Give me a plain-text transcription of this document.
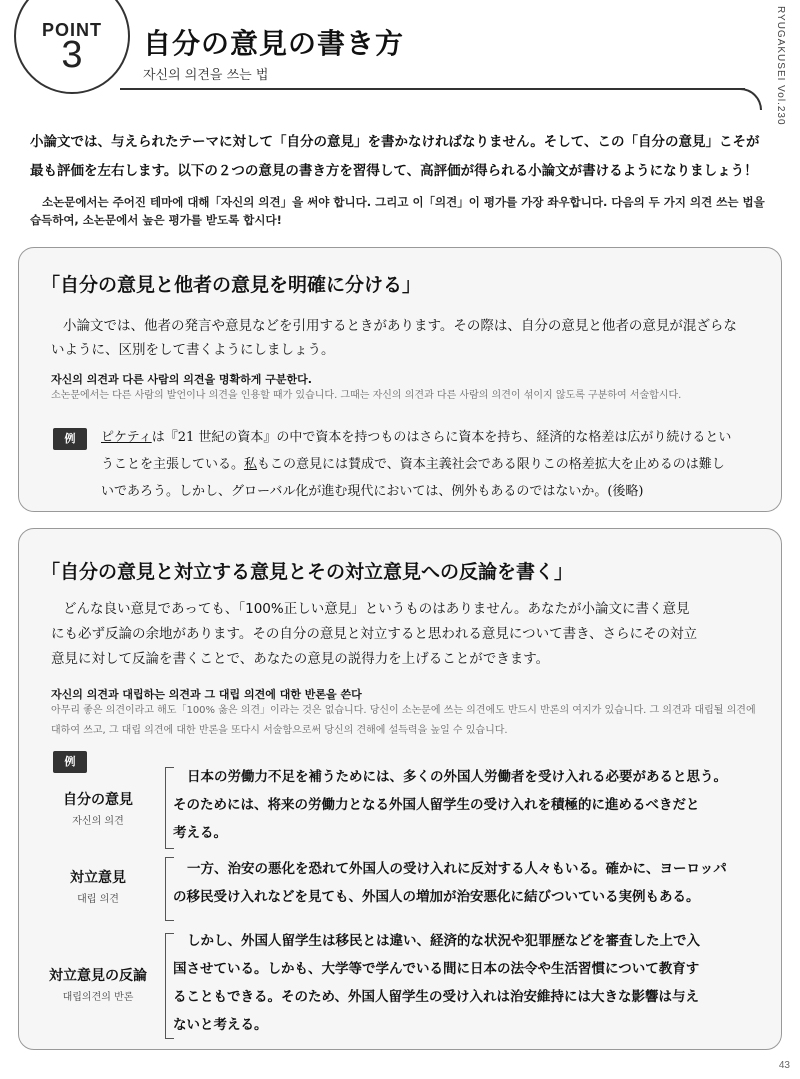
POINT
3	自分の意見の書き方
자신의 의견을 쓰는 법	RYUGAKUSEI Vol.230
小論文では、与えられたテーマに対して「自分の意見」を書かなければなりません。そして、この「自分の意見」こそが
最も評価を左右します。以下の２つの意見の書き方を習得して、高評価が得られる小論文が書けるようになりましょう！
소논문에서는 주어진 테마에 대해「자신의 의견」을 써야 합니다. 그리고 이「의견」이 평가를 가장 좌우합니다. 다음의 두 가지 의견 쓰는 법을 습득하여, 소논문에서 높은 평가를 받도록 합시다!
「自分の意見と他者の意見を明確に分ける」
小論文では、他者の発言や意見などを引用するときがあります。その際は、自分の意見と他者の意見が混ざらな
いように、区別をして書くようにしましょう。
자신의 의견과 다른 사람의 의견을 명확하게 구분한다.
소논문에서는 다른 사람의 발언이나 의견을 인용할 때가 있습니다. 그때는 자신의 의견과 다른 사람의 의견이 섞이지 않도록 구분하여 서술합시다.
例	ピケティは『21 世紀の資本』の中で資本を持つものはさらに資本を持ち、経済的な格差は広がり続けるとい
うことを主張している。私もこの意見には賛成で、資本主義社会である限りこの格差拡大を止めるのは難し
いであろう。しかし、グローバル化が進む現代においては、例外もあるのではないか。(後略)
「自分の意見と対立する意見とその対立意見への反論を書く」
どんな良い意見であっても、「100%正しい意見」というものはありません。あなたが小論文に書く意見
にも必ず反論の余地があります。その自分の意見と対立すると思われる意見について書き、さらにその対立
意見に対して反論を書くことで、あなたの意見の説得力を上げることができます。
자신의 의견과 대립하는 의견과 그 대립 의견에 대한 반론을 쓴다
아무리 좋은 의견이라고 해도「100% 옳은 의견」이라는 것은 없습니다. 당신이 소논문에 쓰는 의견에도 반드시 반론의 여지가 있습니다. 그 의견과 대립될 의견에
대하여 쓰고, 그 대립 의견에 대한 반론을 또다시 서술함으로써 당신의 견해에 설득력을 높일 수 있습니다.
例
自分の意見
자신의 의견
日本の労働力不足を補うためには、多くの外国人労働者を受け入れる必要があると思う。
そのためには、将来の労働力となる外国人留学生の受け入れを積極的に進めるべきだと
考える。
対立意見
대립 의견
一方、治安の悪化を恐れて外国人の受け入れに反対する人々もいる。確かに、ヨーロッパ
の移民受け入れなどを見ても、外国人の増加が治安悪化に結びついている実例もある。
対立意見の反論
대립의견의 반론
しかし、外国人留学生は移民とは違い、経済的な状況や犯罪歴などを審査した上で入
国させている。しかも、大学等で学んでいる間に日本の法令や生活習慣について教育す
ることもできる。そのため、外国人留学生の受け入れは治安維持には大きな影響は与え
ないと考える。
43
